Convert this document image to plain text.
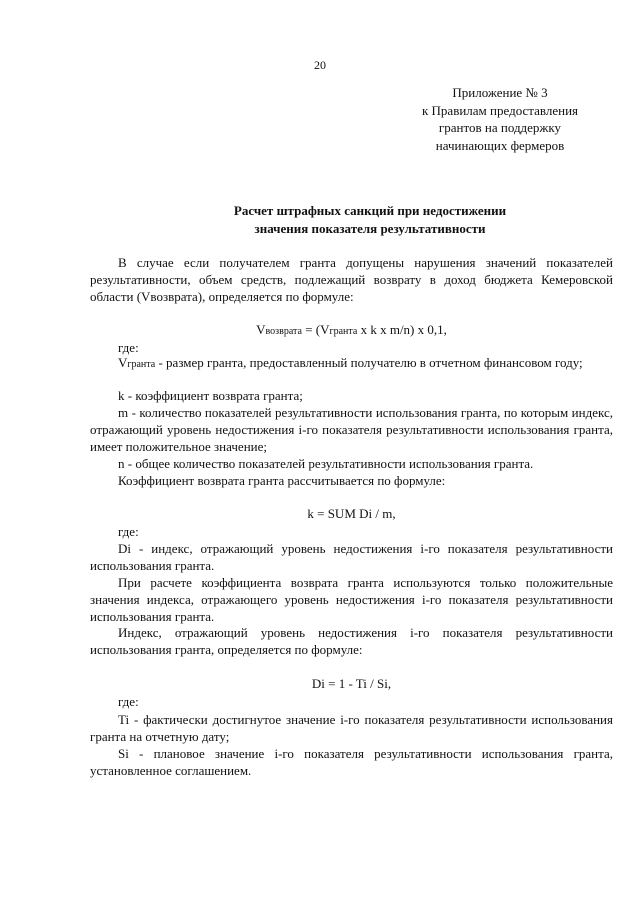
20
Приложение № 3
к Правилам предоставления
грантов на поддержку
начинающих фермеров
Расчет штрафных санкций при недостижении
значения показателя результативности
В случае если получателем гранта допущены нарушения значений показателей результативности, объем средств, подлежащий возврату в доход бюджета Кемеровской области (Vвозврата), определяется по формуле:
Vвозврата = (Vгранта х k х m/n) х 0,1,
где:
Vгранта - размер гранта, предоставленный получателю в отчетном финансовом году;
k - коэффициент возврата гранта;
m - количество показателей результативности использования гранта, по которым индекс, отражающий уровень недостижения i-го показателя результативности использования гранта, имеет положительное значение;
n - общее количество показателей результативности использования гранта.
Коэффициент возврата гранта рассчитывается по формуле:
k = SUM Di / m,
где:
Di - индекс, отражающий уровень недостижения i-го показателя результативности использования гранта.
При расчете коэффициента возврата гранта используются только положительные значения индекса, отражающего уровень недостижения i-го показателя результативности использования гранта.
Индекс, отражающий уровень недостижения i-го показателя результативности использования гранта, определяется по формуле:
Di = 1 - Ti / Si,
где:
Ti - фактически достигнутое значение i-го показателя результативности использования гранта на отчетную дату;
Si - плановое значение i-го показателя результативности использования гранта, установленное соглашением.
